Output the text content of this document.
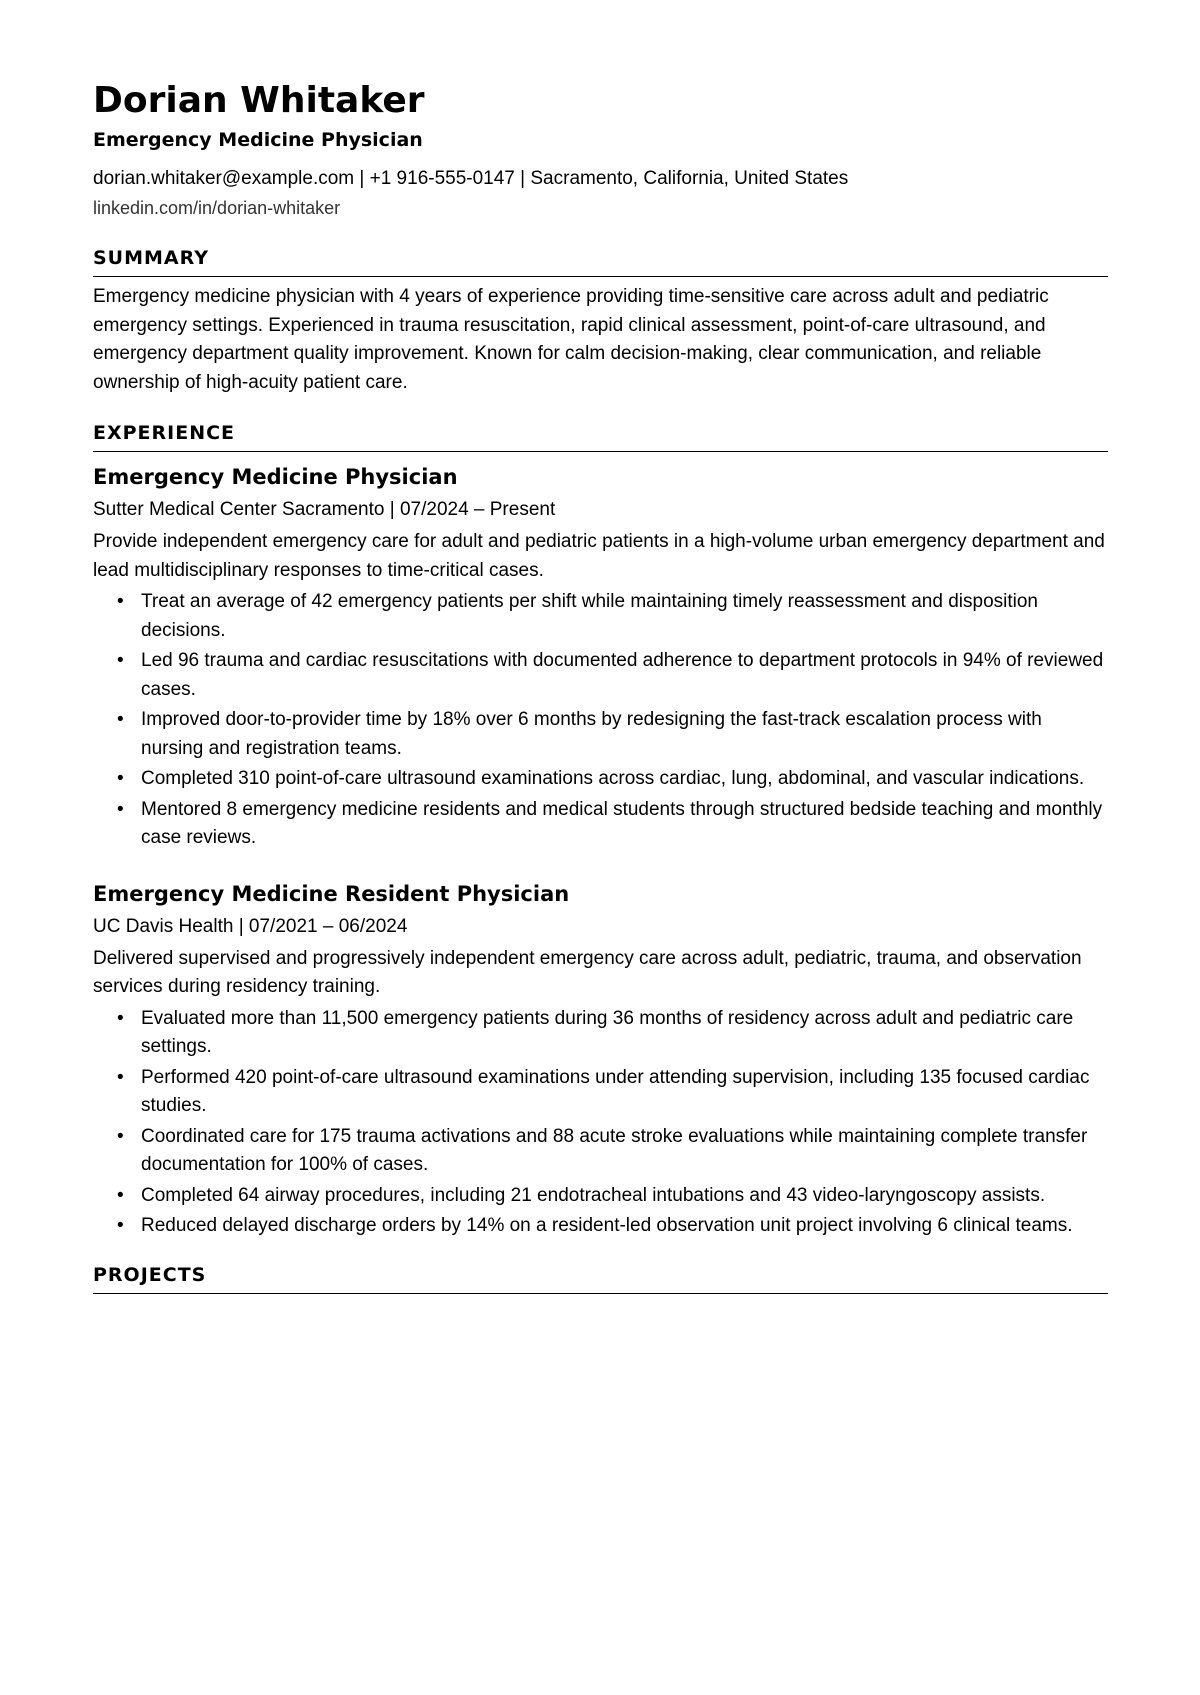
Dorian Whitaker

Emergency Medicine Physician

dorian.whitaker@example.com | +1 916-555-0147 | Sacramento, California, United States

linkedin.com/in/dorian-whitaker

SUMMARY

Emergency medicine physician with 4 years of experience providing time-sensitive care across adult and pediatric emergency settings. Experienced in trauma resuscitation, rapid clinical assessment, point-of-care ultrasound, and emergency department quality improvement. Known for calm decision-making, clear communication, and reliable ownership of high-acuity patient care.

EXPERIENCE
Emergency Medicine Physician

Sutter Medical Center Sacramento | 07/2024 – Present

Provide independent emergency care for adult and pediatric patients in a high-volume urban emergency department and lead multidisciplinary responses to time-critical cases.

• Treat an average of 42 emergency patients per shift while maintaining timely reassessment and disposition decisions.
• Led 96 trauma and cardiac resuscitations with documented adherence to department protocols in 94% of reviewed cases.
• Improved door-to-provider time by 18% over 6 months by redesigning the fast-track escalation process with nursing and registration teams.
• Completed 310 point-of-care ultrasound examinations across cardiac, lung, abdominal, and vascular indications.
• Mentored 8 emergency medicine residents and medical students through structured bedside teaching and monthly case reviews.
Emergency Medicine Resident Physician

UC Davis Health | 07/2021 – 06/2024

Delivered supervised and progressively independent emergency care across adult, pediatric, trauma, and observation services during residency training.

• Evaluated more than 11,500 emergency patients during 36 months of residency across adult and pediatric care settings.
• Performed 420 point-of-care ultrasound examinations under attending supervision, including 135 focused cardiac studies.
• Coordinated care for 175 trauma activations and 88 acute stroke evaluations while maintaining complete transfer documentation for 100% of cases.
• Completed 64 airway procedures, including 21 endotracheal intubations and 43 video-laryngoscopy assists.
• Reduced delayed discharge orders by 14% on a resident-led observation unit project involving 6 clinical teams.
PROJECTS
